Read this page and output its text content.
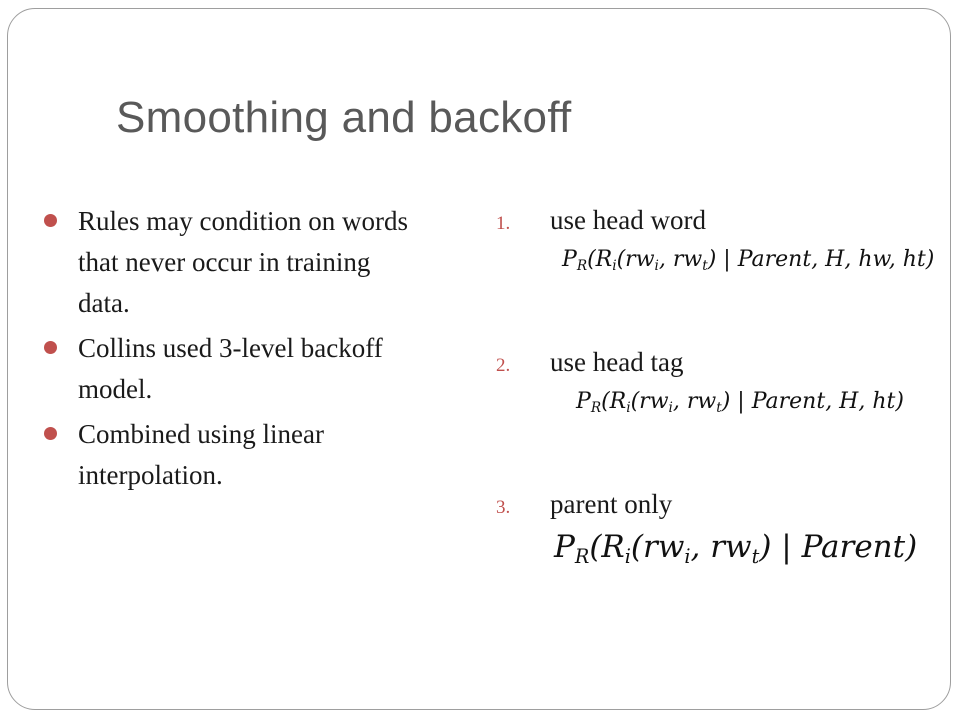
Smoothing and backoff
Rules may condition on words that never occur in training data.
Collins used 3-level backoff model.
Combined using linear interpolation.
1. use head word
$P_R(R_i(rw_i$, $rw_t$) | Parent, H, hw, ht)
2. use head tag
$P_R(R_i(rw_i$, $rw_t$) | Parent, H, ht)
3. parent only
$P_R(R_i(rw_i$, $rw_t$) | Parent)
